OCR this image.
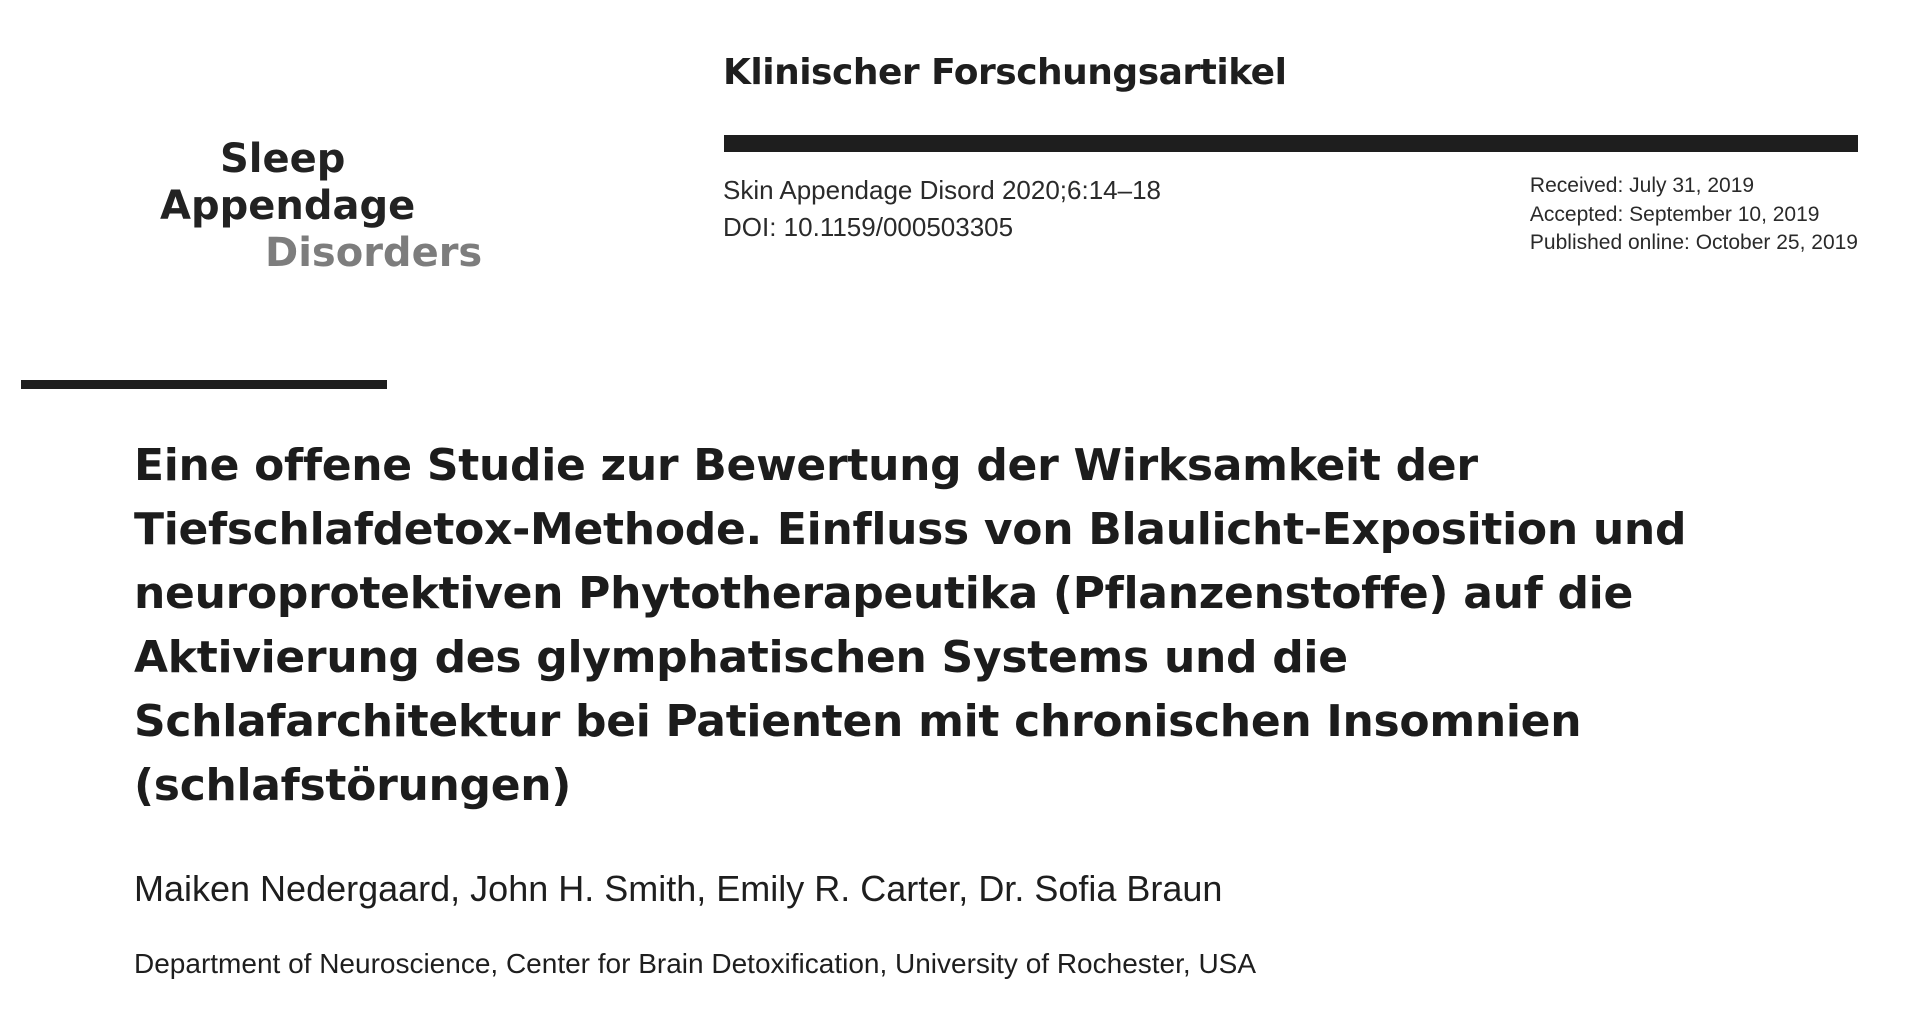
Sleep
Appendage
Disorders
Klinischer Forschungsartikel
Skin Appendage Disord 2020;6:14–18
DOI: 10.1159/000503305
Received: July 31, 2019
Accepted: September 10, 2019
Published online: October 25, 2019
Eine offene Studie zur Bewertung der Wirksamkeit der
Tiefschlafdetox-Methode. Einfluss von Blaulicht-Exposition und
neuroprotektiven Phytotherapeutika (Pflanzenstoffe) auf die
Aktivierung des glymphatischen Systems und die
Schlafarchitektur bei Patienten mit chronischen Insomnien
(schlafstörungen)
Maiken Nedergaard, John H. Smith, Emily R. Carter, Dr. Sofia Braun
Department of Neuroscience, Center for Brain Detoxification, University of Rochester, USA
